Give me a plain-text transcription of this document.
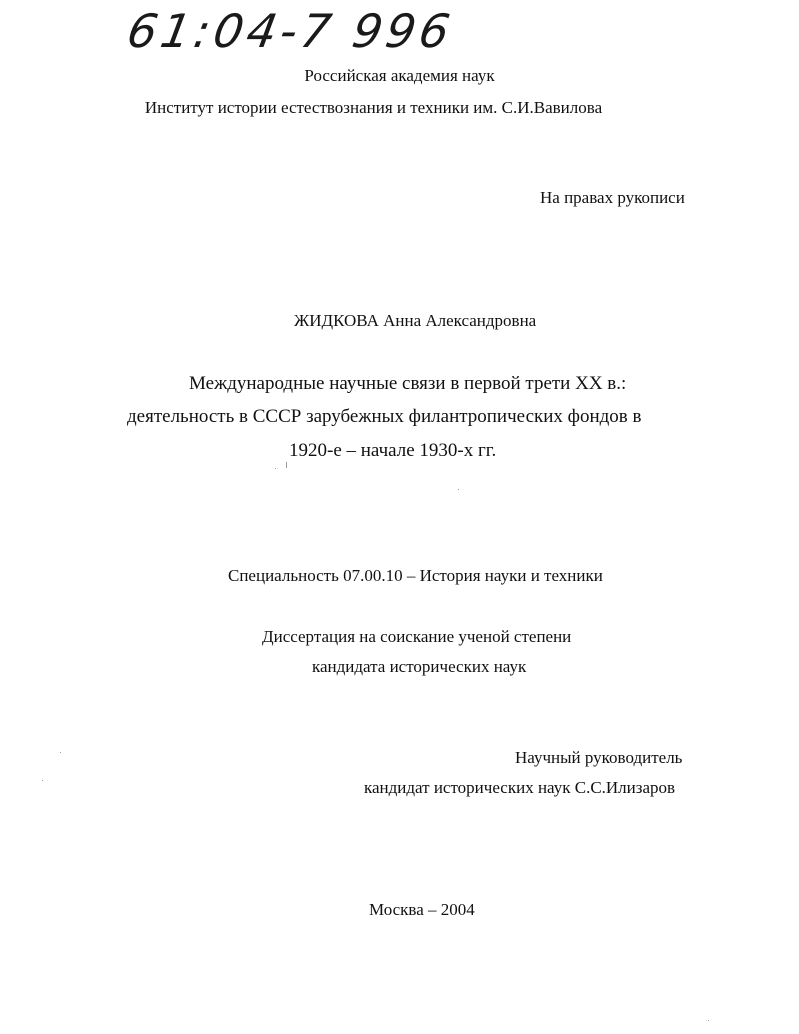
61:04-7 996
Российская академия наук
Институт истории естествознания и техники им. С.И.Вавилова
На правах рукописи
ЖИДКОВА Анна Александровна
Международные научные связи в первой трети XX в.:
деятельность в СССР зарубежных филантропических фондов в
1920-е – начале 1930-х гг.
Специальность 07.00.10 – История науки и техники
Диссертация на соискание ученой степени
кандидата исторических наук
Научный руководитель
кандидат исторических наук С.С.Илизаров
Москва – 2004
